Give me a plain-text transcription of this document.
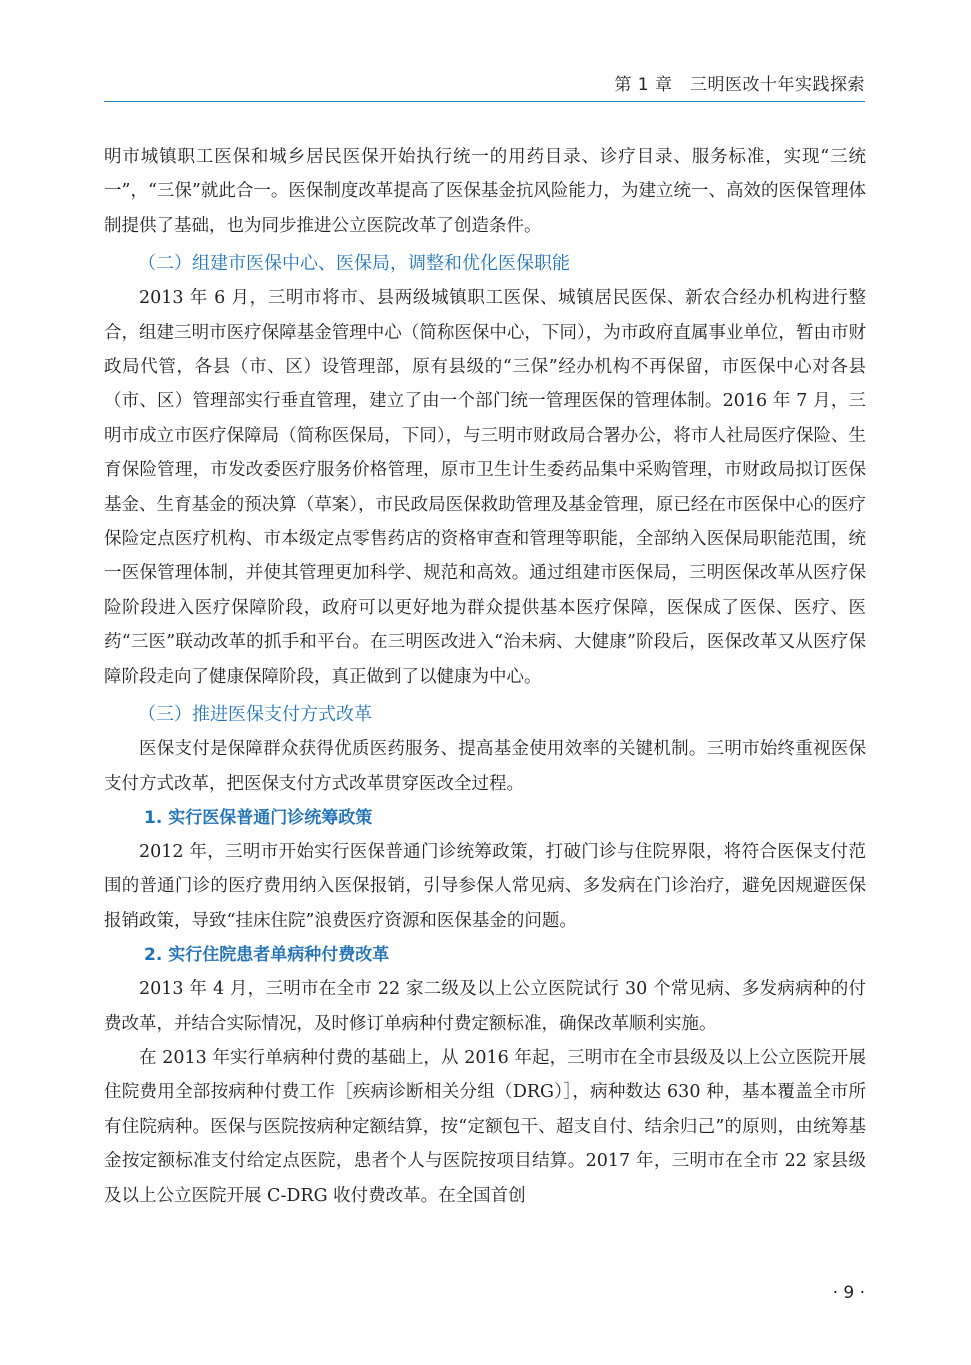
第 1 章　三明医改十年实践探索

明市城镇职工医保和城乡居民医保开始执行统一的用药目录、诊疗目录、服务标准，实现“三统一”，“三保”就此合一。医保制度改革提高了医保基金抗风险能力，为建立统一、高效的医保管理体制提供了基础，也为同步推进公立医院改革了创造条件。

（二）组建市医保中心、医保局，调整和优化医保职能

2013 年 6 月，三明市将市、县两级城镇职工医保、城镇居民医保、新农合经办机构进行整合，组建三明市医疗保障基金管理中心（简称医保中心，下同），为市政府直属事业单位，暂由市财政局代管，各县（市、区）设管理部，原有县级的“三保”经办机构不再保留，市医保中心对各县（市、区）管理部实行垂直管理，建立了由一个部门统一管理医保的管理体制。2016 年 7 月，三明市成立市医疗保障局（简称医保局，下同），与三明市财政局合署办公，将市人社局医疗保险、生育保险管理，市发改委医疗服务价格管理，原市卫生计生委药品集中采购管理，市财政局拟订医保基金、生育基金的预决算（草案），市民政局医保救助管理及基金管理，原已经在市医保中心的医疗保险定点医疗机构、市本级定点零售药店的资格审查和管理等职能，全部纳入医保局职能范围，统一医保管理体制，并使其管理更加科学、规范和高效。通过组建市医保局，三明医保改革从医疗保险阶段进入医疗保障阶段，政府可以更好地为群众提供基本医疗保障，医保成了医保、医疗、医药“三医”联动改革的抓手和平台。在三明医改进入“治未病、大健康”阶段后，医保改革又从医疗保障阶段走向了健康保障阶段，真正做到了以健康为中心。

（三）推进医保支付方式改革

医保支付是保障群众获得优质医药服务、提高基金使用效率的关键机制。三明市始终重视医保支付方式改革，把医保支付方式改革贯穿医改全过程。

1. 实行医保普通门诊统筹政策

2012 年，三明市开始实行医保普通门诊统筹政策，打破门诊与住院界限，将符合医保支付范围的普通门诊的医疗费用纳入医保报销，引导参保人常见病、多发病在门诊治疗，避免因规避医保报销政策，导致“挂床住院”浪费医疗资源和医保基金的问题。

2. 实行住院患者单病种付费改革

2013 年 4 月，三明市在全市 22 家二级及以上公立医院试行 30 个常见病、多发病病种的付费改革，并结合实际情况，及时修订单病种付费定额标准，确保改革顺利实施。

在 2013 年实行单病种付费的基础上，从 2016 年起，三明市在全市县级及以上公立医院开展住院费用全部按病种付费工作［疾病诊断相关分组（DRG）］，病种数达 630 种，基本覆盖全市所有住院病种。医保与医院按病种定额结算，按“定额包干、超支自付、结余归己”的原则，由统筹基金按定额标准支付给定点医院，患者个人与医院按项目结算。2017 年，三明市在全市 22 家县级及以上公立医院开展 C-DRG 收付费改革。在全国首创

· 9 ·
